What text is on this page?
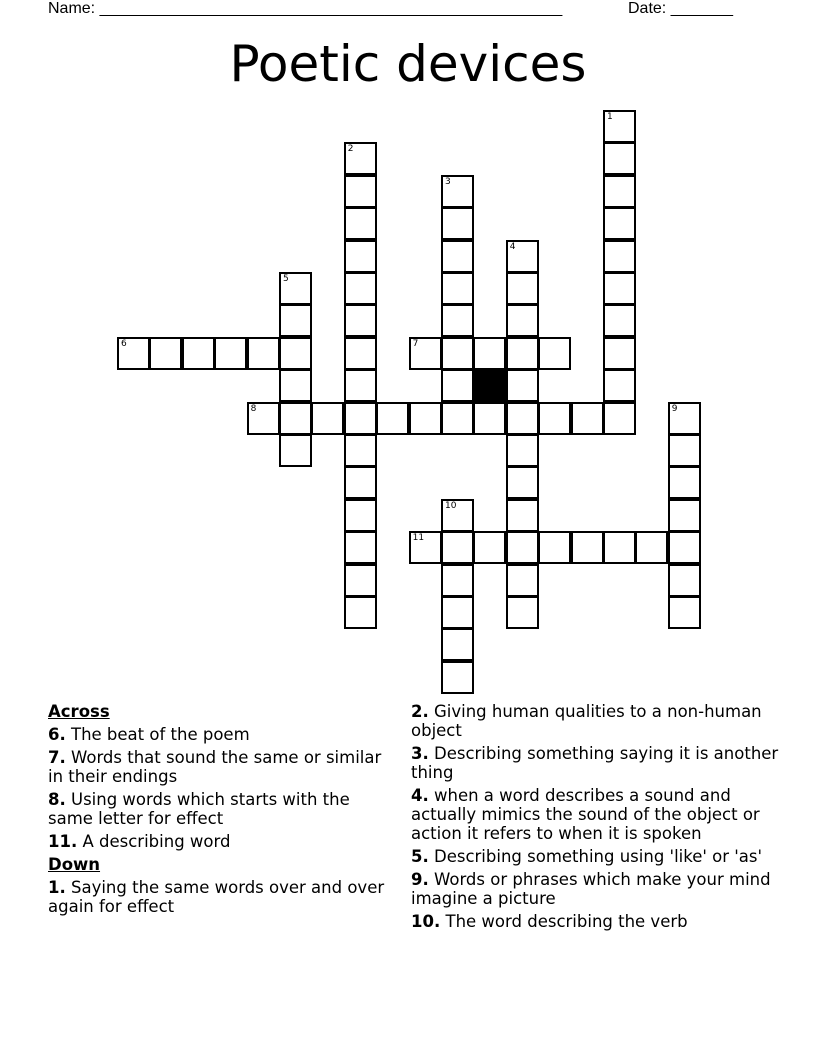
Name: ____________________________________________________	Date: _______
Poetic devices
1
2
3
4
5
6	7
8	9
10
11
Across
6. The beat of the poem
7. Words that sound the same or similar in their endings
8. Using words which starts with the same letter for effect
11. A describing word
Down
1. Saying the same words over and over again for effect
2. Giving human qualities to a non-human object
3. Describing something saying it is another thing
4. when a word describes a sound and actually mimics the sound of the object or action it refers to when it is spoken
5. Describing something using 'like' or 'as'
9. Words or phrases which make your mind imagine a picture
10. The word describing the verb
